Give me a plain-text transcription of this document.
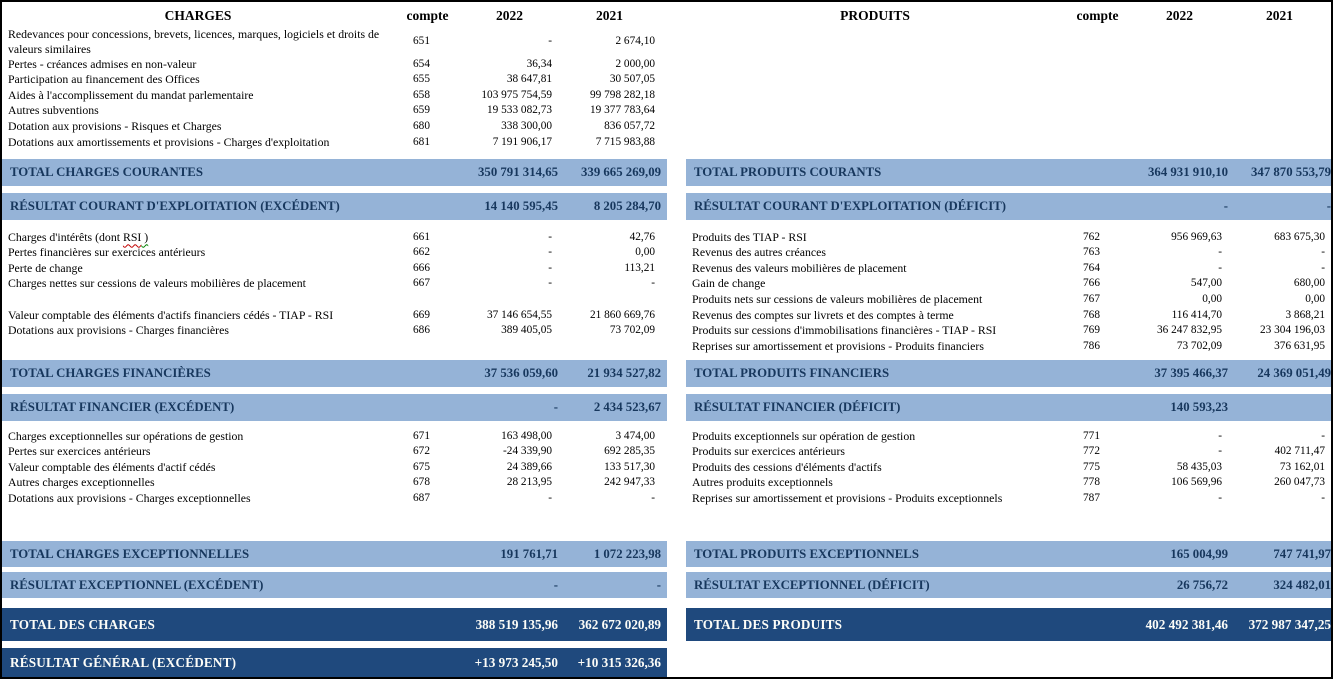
CHARGES	compte	2022	2021
Redevances pour concessions, brevets, licences, marques, logiciels et droits de valeurs similaires
651	-	2 674,10
Pertes - créances admises en non-valeur	654	36,34	2 000,00
Participation au financement des Offices	655	38 647,81	30 507,05
Aides à l'accomplissement du mandat parlementaire	658	103 975 754,59	99 798 282,18
Autres subventions	659	19 533 082,73	19 377 783,64
Dotation aux provisions - Risques et Charges	680	338 300,00	836 057,72
Dotations aux amortissements et provisions - Charges d'exploitation	681	7 191 906,17	7 715 983,88
TOTAL CHARGES COURANTES	350 791 314,65	339 665 269,09
RÉSULTAT COURANT D'EXPLOITATION (EXCÉDENT)	14 140 595,45	8 205 284,70
Charges d'intérêts (dont RSI )	661	-	42,76
Pertes financières sur exercices antérieurs	662	-	0,00
Perte de change	666	-	113,21
Charges nettes sur cessions de valeurs mobilières de placement	667	-	-
Valeur comptable des éléments d'actifs financiers cédés - TIAP - RSI	669	37 146 654,55	21 860 669,76
Dotations aux provisions - Charges financières	686	389 405,05	73 702,09
TOTAL CHARGES FINANCIÈRES	37 536 059,60	21 934 527,82
RÉSULTAT FINANCIER (EXCÉDENT)	-	2 434 523,67
Charges exceptionnelles sur opérations de gestion	671	163 498,00	3 474,00
Pertes sur exercices antérieurs	672	-24 339,90	692 285,35
Valeur comptable des éléments d'actif cédés	675	24 389,66	133 517,30
Autres charges exceptionnelles	678	28 213,95	242 947,33
Dotations aux provisions - Charges exceptionnelles	687	-	-
TOTAL CHARGES EXCEPTIONNELLES	191 761,71	1 072 223,98
RÉSULTAT EXCEPTIONNEL (EXCÉDENT)	-	-
TOTAL DES CHARGES	388 519 135,96	362 672 020,89
RÉSULTAT GÉNÉRAL (EXCÉDENT)	+13 973 245,50	+10 315 326,36
PRODUITS	compte	2022	2021
TOTAL PRODUITS COURANTS	364 931 910,10	347 870 553,79
RÉSULTAT COURANT D'EXPLOITATION (DÉFICIT)	-	-
Produits des TIAP - RSI	762	956 969,63	683 675,30
Revenus des autres créances	763	-	-
Revenus des valeurs mobilières de placement	764	-	-
Gain de change	766	547,00	680,00
Produits nets sur cessions de valeurs mobilières de placement	767	0,00	0,00
Revenus des comptes sur livrets et des comptes à terme	768	116 414,70	3 868,21
Produits sur cessions d'immobilisations financières - TIAP - RSI	769	36 247 832,95	23 304 196,03
Reprises sur amortissement et provisions - Produits financiers	786	73 702,09	376 631,95
TOTAL PRODUITS FINANCIERS	37 395 466,37	24 369 051,49
RÉSULTAT FINANCIER (DÉFICIT)	140 593,23
Produits exceptionnels sur opération de gestion	771	-	-
Produits sur exercices antérieurs	772	-	402 711,47
Produits des cessions d'éléments d'actifs	775	58 435,03	73 162,01
Autres produits exceptionnels	778	106 569,96	260 047,73
Reprises sur amortissement et provisions - Produits exceptionnels	787	-	-
TOTAL PRODUITS EXCEPTIONNELS	165 004,99	747 741,97
RÉSULTAT EXCEPTIONNEL (DÉFICIT)	26 756,72	324 482,01
TOTAL DES PRODUITS	402 492 381,46	372 987 347,25
